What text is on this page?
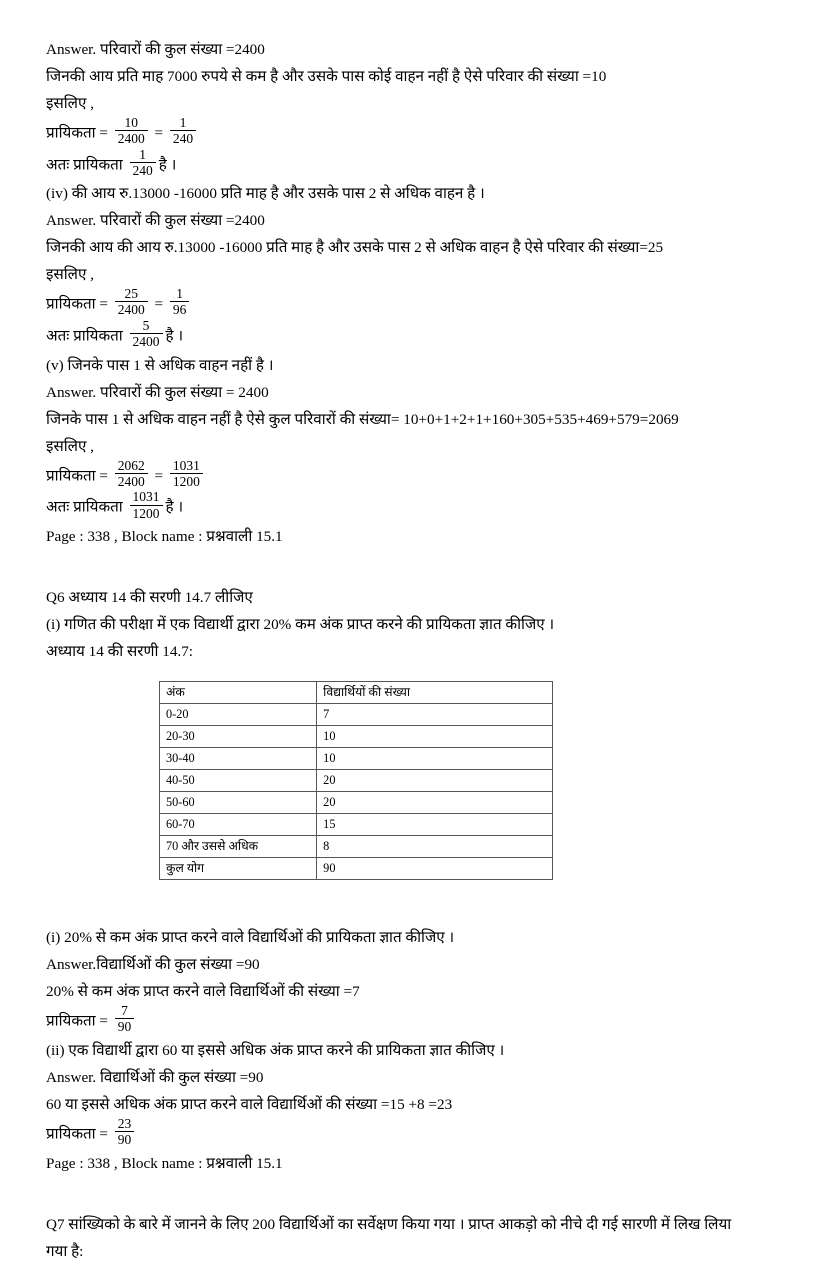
Answer. परिवारों की कुल संख्या =2400
जिनकी आय प्रति माह 7000 रुपये से कम है और उसके पास कोई वाहन नहीं है ऐसे परिवार की संख्या =10
इसलिए ,
प्रायिकता = $\frac{10}{2400} = \frac{1}{240}$
अतः प्रायिकता $\frac{1}{240}$ है ।
(iv) की आय रु.13000 -16000 प्रति माह है और उसके पास 2 से अधिक वाहन है ।
Answer. परिवारों की कुल संख्या =2400
जिनकी आय की आय रु.13000 -16000 प्रति माह है और उसके पास 2 से अधिक वाहन है ऐसे परिवार की संख्या=25
इसलिए ,
प्रायिकता = $\frac{25}{2400} = \frac{1}{96}$
अतः प्रायिकता $\frac{5}{2400}$ है ।
(v) जिनके पास 1 से अधिक वाहन नहीं है ।
Answer. परिवारों की कुल संख्या = 2400
जिनके पास 1 से अधिक वाहन नहीं है ऐसे कुल परिवारों की संख्या= 10+0+1+2+1+160+305+535+469+579=2069
इसलिए ,
प्रायिकता = $\frac{2062}{2400} = \frac{1031}{1200}$
अतः प्रायिकता $\frac{1031}{1200}$ है ।
Page : 338 , Block name : प्रश्नवाली 15.1
Q6 अध्याय 14 की सरणी 14.7 लीजिए
(i) गणित की परीक्षा में एक विद्यार्थी द्वारा 20% कम अंक प्राप्त करने की प्रायिकता ज्ञात कीजिए ।
अध्याय 14 की सरणी 14.7:
अंक	विद्यार्थियों की संख्या
0-20	7
20-30	10
30-40	10
40-50	20
50-60	20
60-70	15
70 और उससे अधिक	8
कुल योग	90
(i) 20% से कम अंक प्राप्त करने वाले विद्यार्थिओं की प्रायिकता ज्ञात कीजिए ।
Answer.विद्यार्थिओं की कुल संख्या =90
20% से कम अंक प्राप्त करने वाले विद्यार्थिओं की संख्या =7
प्रायिकता = $\frac{7}{90}$
(ii) एक विद्यार्थी द्वारा 60 या इससे अधिक अंक प्राप्त करने की प्रायिकता ज्ञात कीजिए ।
Answer. विद्यार्थिओं की कुल संख्या =90
60 या इससे अधिक अंक प्राप्त करने वाले विद्यार्थिओं की संख्या =15 +8 =23
प्रायिकता = $\frac{23}{90}$
Page : 338 , Block name : प्रश्नवाली 15.1
Q7 सांख्यिको के बारे में जानने के लिए 200 विद्यार्थिओं का सर्वेक्षण किया गया । प्राप्त आकड़ो को नीचे दी गई सारणी में लिख लिया
गया है:
